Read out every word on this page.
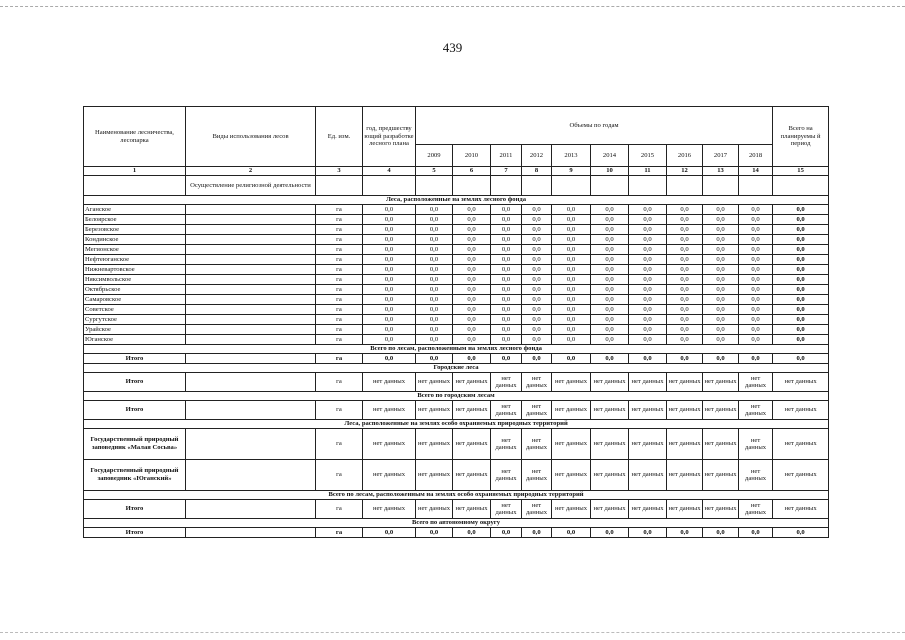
439
Наименование лесничества, лесопарка	Виды использования лесов	Ед. изм.	год, предшеству ющий разработке лесного плана	Объемы по годам										Всего на планируемы й период
				2009	2010	2011	2012	2013	2014	2015	2016	2017	2018	
1	2	3	4	5	6	7	8	9	10	11	12	13	14	15
	Осуществление религиозной деятельности													
Леса, расположенные на землях лесного фонда														
Аганское		га	0,0	0,0	0,0	0,0	0,0	0,0	0,0	0,0	0,0	0,0	0,0	0,0
Белоярское		га	0,0	0,0	0,0	0,0	0,0	0,0	0,0	0,0	0,0	0,0	0,0	0,0
Березовское		га	0,0	0,0	0,0	0,0	0,0	0,0	0,0	0,0	0,0	0,0	0,0	0,0
Кондинское		га	0,0	0,0	0,0	0,0	0,0	0,0	0,0	0,0	0,0	0,0	0,0	0,0
Мегионское		га	0,0	0,0	0,0	0,0	0,0	0,0	0,0	0,0	0,0	0,0	0,0	0,0
Нефтеюганское		га	0,0	0,0	0,0	0,0	0,0	0,0	0,0	0,0	0,0	0,0	0,0	0,0
Нижневартовское		га	0,0	0,0	0,0	0,0	0,0	0,0	0,0	0,0	0,0	0,0	0,0	0,0
Няксимвольское		га	0,0	0,0	0,0	0,0	0,0	0,0	0,0	0,0	0,0	0,0	0,0	0,0
Октябрьское		га	0,0	0,0	0,0	0,0	0,0	0,0	0,0	0,0	0,0	0,0	0,0	0,0
Самаровское		га	0,0	0,0	0,0	0,0	0,0	0,0	0,0	0,0	0,0	0,0	0,0	0,0
Советское		га	0,0	0,0	0,0	0,0	0,0	0,0	0,0	0,0	0,0	0,0	0,0	0,0
Сургутское		га	0,0	0,0	0,0	0,0	0,0	0,0	0,0	0,0	0,0	0,0	0,0	0,0
Урайское		га	0,0	0,0	0,0	0,0	0,0	0,0	0,0	0,0	0,0	0,0	0,0	0,0
Юганское		га	0,0	0,0	0,0	0,0	0,0	0,0	0,0	0,0	0,0	0,0	0,0	0,0
Всего по лесам, расположенным на землях лесного фонда														
Итого		га	0,0	0,0	0,0	0,0	0,0	0,0	0,0	0,0	0,0	0,0	0,0	0,0
Городские леса														
Итого		га	нет данных	нет данных	нет данных	нет данных	нет данных	нет данных	нет данных	нет данных	нет данных	нет данных	нет данных	нет данных
Всего по городским лесам														
Итого		га	нет данных	нет данных	нет данных	нет данных	нет данных	нет данных	нет данных	нет данных	нет данных	нет данных	нет данных	нет данных
Леса, расположенные на землях особо охраняемых природных территорий														
Государственный природный заповедник «Малая Сосьва»		га	нет данных	нет данных	нет данных	нет данных	нет данных	нет данных	нет данных	нет данных	нет данных	нет данных	нет данных	нет данных
Государственный природный заповедник «Юганский»		га	нет данных	нет данных	нет данных	нет данных	нет данных	нет данных	нет данных	нет данных	нет данных	нет данных	нет данных	нет данных
Всего по лесам, расположенным на землях особо охраняемых природных территорий														
Итого		га	нет данных	нет данных	нет данных	нет данных	нет данных	нет данных	нет данных	нет данных	нет данных	нет данных	нет данных	нет данных
Всего по автономному округу														
Итого		га	0,0	0,0	0,0	0,0	0,0	0,0	0,0	0,0	0,0	0,0	0,0	0,0
